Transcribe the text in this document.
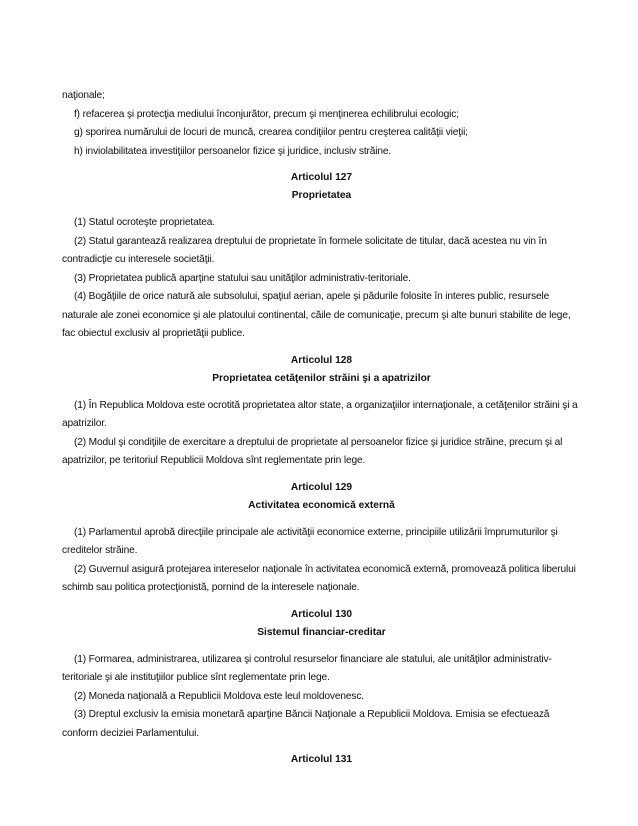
naţionale;

f) refacerea şi protecţia mediului înconjurător, precum şi menţinerea echilibrului ecologic;

g) sporirea numărului de locuri de muncă, crearea condiţiilor pentru creşterea calităţii vieţii;

h) inviolabilitatea investiţiilor persoanelor fizice şi juridice, inclusiv străine.

Articolul 127

Proprietatea

(1) Statul ocroteşte proprietatea.

(2) Statul garantează realizarea dreptului de proprietate în formele solicitate de titular, dacă acestea nu vin în contradicţie cu interesele societăţii.

(3) Proprietatea publică aparţine statului sau unităţilor administrativ-teritoriale.

(4) Bogăţiile de orice natură ale subsolului, spaţiul aerian, apele şi pădurile folosite în interes public, resursele naturale ale zonei economice şi ale platoului continental, căile de comunicaţie, precum şi alte bunuri stabilite de lege, fac obiectul exclusiv al proprietăţii publice.

Articolul 128

Proprietatea cetăţenilor străini şi a apatrizilor

(1) În Republica Moldova este ocrotită proprietatea altor state, a organizaţiilor internaţionale, a cetăţenilor străini şi a apatrizilor.

(2) Modul şi condiţiile de exercitare a dreptului de proprietate al persoanelor fizice şi juridice străine, precum şi al apatrizilor, pe teritoriul Republicii Moldova sînt reglementate prin lege.

Articolul 129

Activitatea economică externă

(1) Parlamentul aprobă direcţiile principale ale activităţii economice externe, principiile utilizării împrumuturilor şi creditelor străine.

(2) Guvernul asigură protejarea intereselor naţionale în activitatea economică externă, promovează politica liberului schimb sau politica protecţionistă, pornind de la interesele naţionale.

Articolul 130

Sistemul financiar-creditar

(1) Formarea, administrarea, utilizarea şi controlul resurselor financiare ale statului, ale unităţilor administrativ-teritoriale şi ale instituţiilor publice sînt reglementate prin lege.

(2) Moneda naţională a Republicii Moldova este leul moldovenesc.

(3) Dreptul exclusiv la emisia monetară aparţine Băncii Naţionale a Republicii Moldova. Emisia se efectuează conform deciziei Parlamentului.

Articolul 131
